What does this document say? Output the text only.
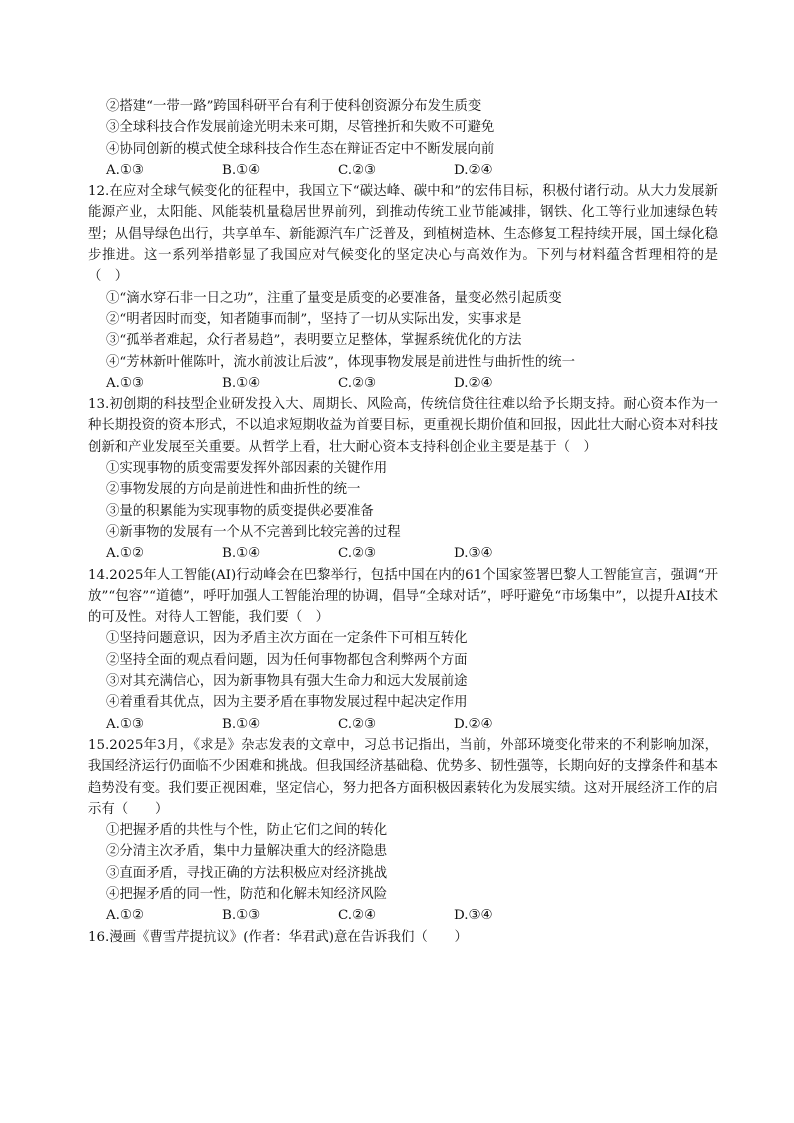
②搭建“一带一路”跨国科研平台有利于使科创资源分布发生质变
③全球科技合作发展前途光明未来可期，尽管挫折和失败不可避免
④协同创新的模式使全球科技合作生态在辩证否定中不断发展向前
A.①③	B.①④	C.②③	D.②④
12.在应对全球气候变化的征程中，我国立下“碳达峰、碳中和”的宏伟目标，积极付诸行动。从大力发展新能源产业，太阳能、风能装机量稳居世界前列，到推动传统工业节能减排，钢铁、化工等行业加速绿色转型；从倡导绿色出行，共享单车、新能源汽车广泛普及，到植树造林、生态修复工程持续开展，国土绿化稳步推进。这一系列举措彰显了我国应对气候变化的坚定决心与高效作为。下列与材料蕴含哲理相符的是（　）
①“滴水穿石非一日之功”，注重了量变是质变的必要准备，量变必然引起质变
②“明者因时而变，知者随事而制”，坚持了一切从实际出发，实事求是
③“孤举者难起，众行者易趋”，表明要立足整体，掌握系统优化的方法
④“芳林新叶催陈叶，流水前波让后波”，体现事物发展是前进性与曲折性的统一
A.①③	B.①④	C.②③	D.②④
13.初创期的科技型企业研发投入大、周期长、风险高，传统信贷往往难以给予长期支持。耐心资本作为一种长期投资的资本形式，不以追求短期收益为首要目标，更重视长期价值和回报，因此壮大耐心资本对科技创新和产业发展至关重要。从哲学上看，壮大耐心资本支持科创企业主要是基于（　）
①实现事物的质变需要发挥外部因素的关键作用
②事物发展的方向是前进性和曲折性的统一
③量的积累能为实现事物的质变提供必要准备
④新事物的发展有一个从不完善到比较完善的过程
A.①②	B.①④	C.②③	D.③④
14.2025年人工智能(AI)行动峰会在巴黎举行，包括中国在内的61个国家签署巴黎人工智能宣言，强调“开放”“包容”“道德”，呼吁加强人工智能治理的协调，倡导“全球对话”，呼吁避免“市场集中”，以提升AI技术的可及性。对待人工智能，我们要（　）
①坚持问题意识，因为矛盾主次方面在一定条件下可相互转化
②坚持全面的观点看问题，因为任何事物都包含利弊两个方面
③对其充满信心，因为新事物具有强大生命力和远大发展前途
④着重看其优点，因为主要矛盾在事物发展过程中起决定作用
A.①③	B.①④	C.②③	D.②④
15.2025年3月，《求是》杂志发表的文章中，习总书记指出，当前，外部环境变化带来的不利影响加深，我国经济运行仍面临不少困难和挑战。但我国经济基础稳、优势多、韧性强等，长期向好的支撑条件和基本趋势没有变。我们要正视困难，坚定信心，努力把各方面积极因素转化为发展实绩。这对开展经济工作的启示有（　　）
①把握矛盾的共性与个性，防止它们之间的转化
②分清主次矛盾，集中力量解决重大的经济隐患
③直面矛盾，寻找正确的方法积极应对经济挑战
④把握矛盾的同一性，防范和化解未知经济风险
A.①②	B.①③	C.②④	D.③④
16.漫画《曹雪芹提抗议》(作者：华君武)意在告诉我们（　　）
